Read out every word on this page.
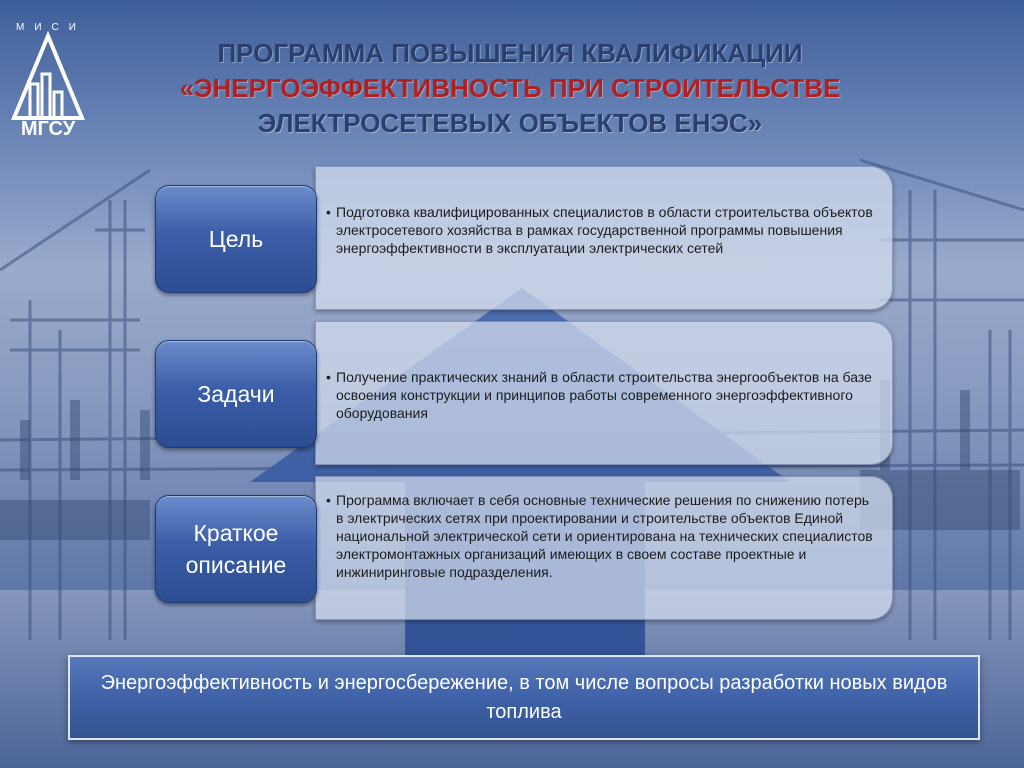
МИСИ
МГСУ
ПРОГРАММА ПОВЫШЕНИЯ КВАЛИФИКАЦИИ
«ЭНЕРГОЭФФЕКТИВНОСТЬ ПРИ СТРОИТЕЛЬСТВЕ
ЭЛЕКТРОСЕТЕВЫХ ОБЪЕКТОВ ЕНЭС»
• Подготовка квалифицированных специалистов в области строительства объектов электросетевого хозяйства в рамках государственной программы повышения энергоэффективности в эксплуатации электрических сетей
Цель
• Получение практических знаний в области строительства энергообъектов на базе освоения конструкции и принципов работы современного энергоэффективного оборудования
Задачи
• Программа включает в себя основные технические решения по снижению потерь в электрических сетях при проектировании и строительстве объектов Единой национальной электрической сети и ориентирована на технических специалистов электромонтажных организаций имеющих в своем составе проектные и инжиниринговые подразделения.
Краткое
описание
Энергоэффективность и энергосбережение, в том числе вопросы разработки новых видов топлива
